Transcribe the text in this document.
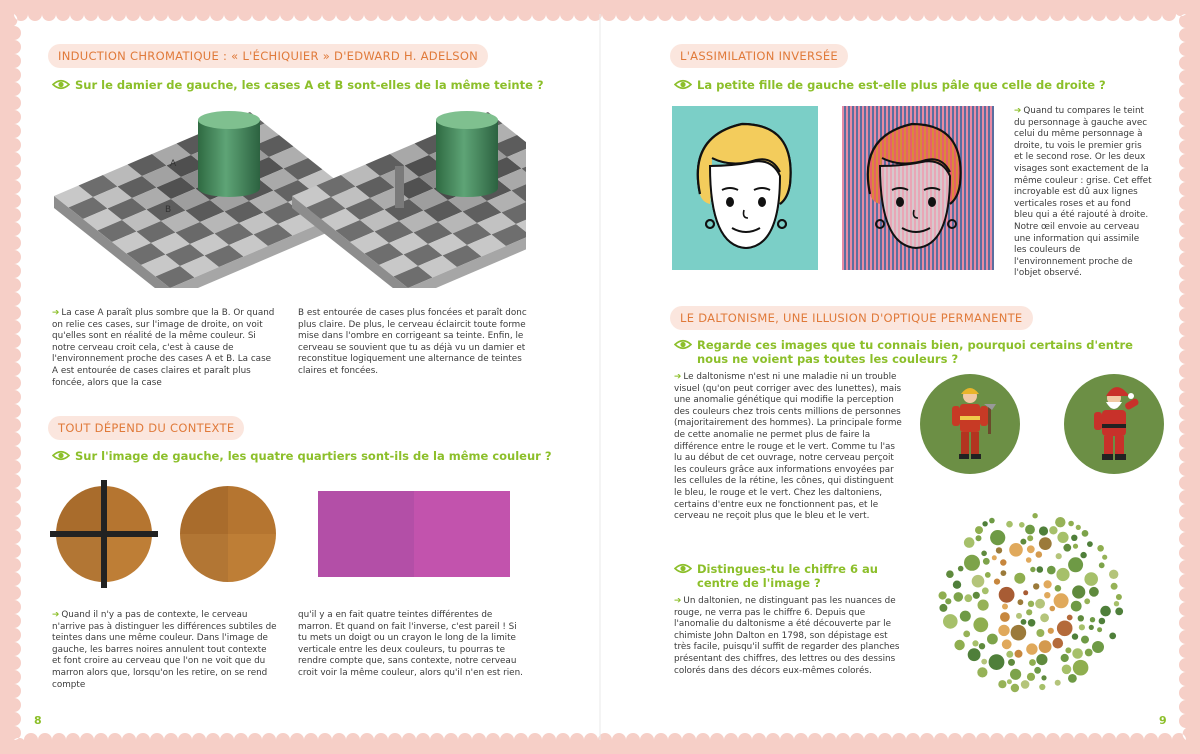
INDUCTION CHROMATIQUE : « L'ÉCHIQUIER » D'EDWARD H. ADELSON
Sur le damier de gauche, les cases A et B sont-elles de la même teinte ?
A
B

➔ La case A paraît plus sombre que la B. Or quand on relie ces cases, sur l'image de droite, on voit qu'elles sont en réalité de la même couleur. Si notre cerveau croit cela, c'est à cause de l'environnement proche des cases A et B. La case A est entourée de cases claires et paraît plus foncée, alors que la case

B est entourée de cases plus foncées et paraît donc plus claire. De plus, le cerveau éclaircit toute forme mise dans l'ombre en corrigeant sa teinte. Enfin, le cerveau se souvient que tu as déjà vu un damier et reconstitue logiquement une alternance de teintes claires et foncées.

TOUT DÉPEND DU CONTEXTE
Sur l'image de gauche, les quatre quartiers sont-ils de la même couleur ?

➔ Quand il n'y a pas de contexte, le cerveau n'arrive pas à distinguer les différences subtiles de teintes dans une même couleur. Dans l'image de gauche, les barres noires annulent tout contexte et font croire au cerveau que l'on ne voit que du marron alors que, lorsqu'on les retire, on se rend compte

qu'il y a en fait quatre teintes différentes de marron. Et quand on fait l'inverse, c'est pareil ! Si tu mets un doigt ou un crayon le long de la limite verticale entre les deux couleurs, tu pourras te rendre compte que, sans contexte, notre cerveau croit voir la même couleur, alors qu'il n'en est rien.

8
L'ASSIMILATION INVERSÉE
La petite fille de gauche est-elle plus pâle que celle de droite ?

➔ Quand tu compares le teint du personnage à gauche avec celui du même personnage à droite, tu vois le premier gris et le second rose. Or les deux visages sont exactement de la même couleur : grise. Cet effet incroyable est dû aux lignes verticales roses et au fond bleu qui a été rajouté à droite. Notre œil envoie au cerveau une information qui assimile les couleurs de l'environnement proche de l'objet observé.

LE DALTONISME, UNE ILLUSION D'OPTIQUE PERMANENTE
Regarde ces images que tu connais bien, pourquoi certains d'entre nous ne voient pas toutes les couleurs ?

➔ Le daltonisme n'est ni une maladie ni un trouble visuel (qu'on peut corriger avec des lunettes), mais une anomalie génétique qui modifie la perception des couleurs chez trois cents millions de personnes (majoritairement des hommes). La principale forme de cette anomalie ne permet plus de faire la différence entre le rouge et le vert. Comme tu l'as lu au début de cet ouvrage, notre cerveau perçoit les couleurs grâce aux informations envoyées par les cellules de la rétine, les cônes, qui distinguent le bleu, le rouge et le vert. Chez les daltoniens, certains d'entre eux ne fonctionnent pas, et le cerveau ne reçoit plus que le bleu et le vert.

Distingues-tu le chiffre 6 au centre de l'image ?

➔ Un daltonien, ne distinguant pas les nuances de rouge, ne verra pas le chiffre 6. Depuis que l'anomalie du daltonisme a été découverte par le chimiste John Dalton en 1798, son dépistage est très facile, puisqu'il suffit de regarder des planches présentant des chiffres, des lettres ou des dessins colorés dans des décors eux-mêmes colorés.

9
